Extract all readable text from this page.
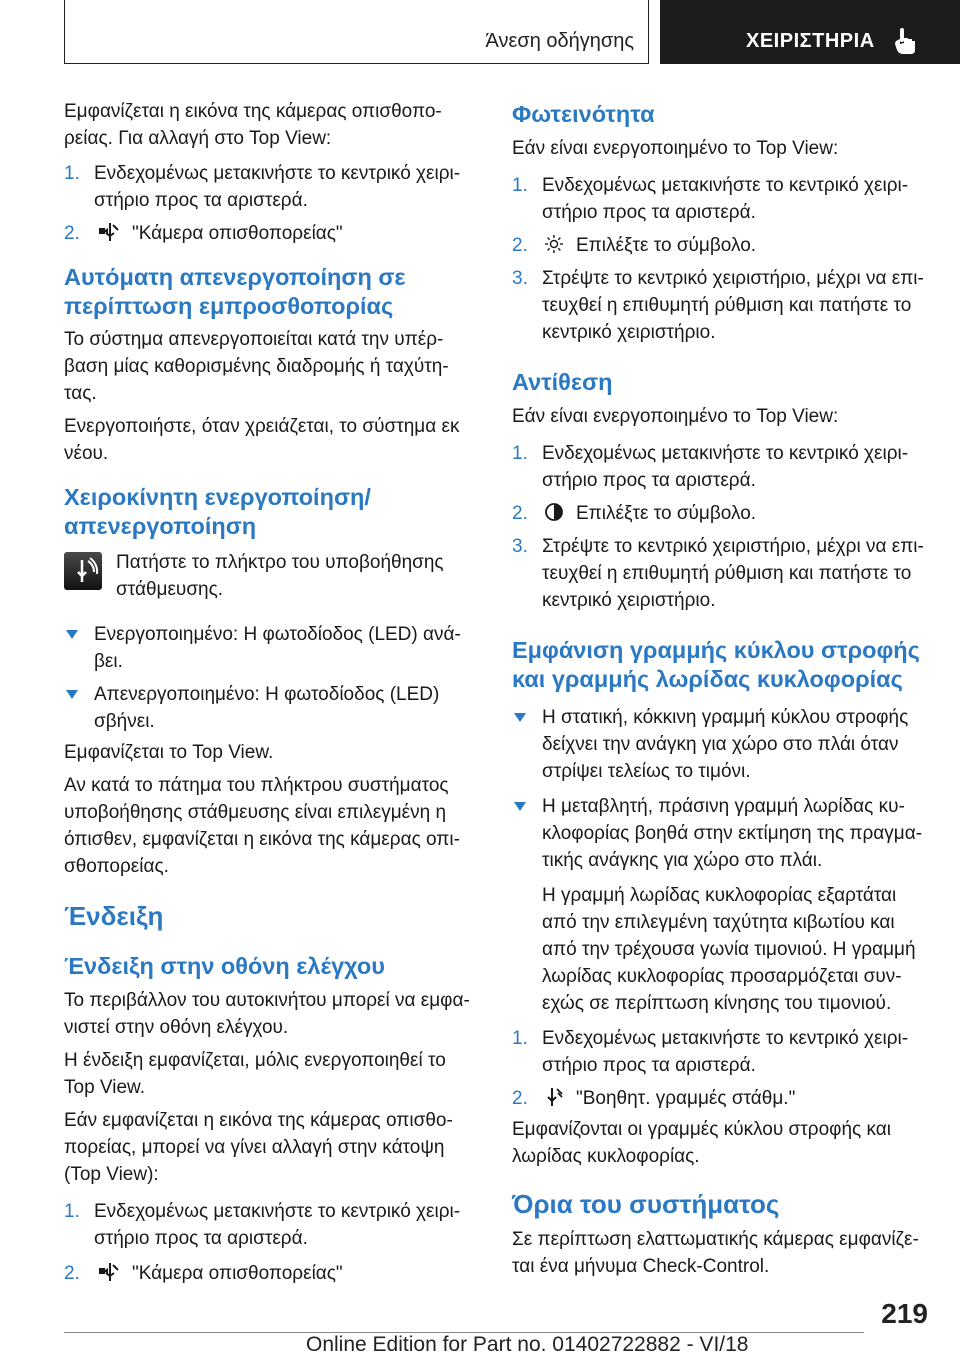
Άνεση οδήγησης	ΧΕΙΡΙΣΤΗΡΙΑ

Εμφανίζεται η εικόνα της κάμερας οπισθοπο‐ ρείας. Για αλλαγή στο Top View:

1. Ενδεχομένως μετακινήστε το κεντρικό χειρι‐ στήριο προς τα αριστερά.
2.	"Κάμερα οπισθοπορείας"
Αυτόματη απενεργοποίηση σε περίπτωση εμπροσθοπορίας

Το σύστημα απενεργοποιείται κατά την υπέρ‐ βαση μίας καθορισμένης διαδρομής ή ταχύτη‐ τας.

Ενεργοποιήστε, όταν χρειάζεται, το σύστημα εκ νέου.

Χειροκίνητη ενεργοποίηση/ απενεργοποίηση
Πατήστε το πλήκτρο του υποβοήθησης στάθμευσης.
Ενεργοποιημένο: Η φωτοδίοδος (LED) ανά‐ βει.
Απενεργοποιημένο: Η φωτοδίοδος (LED) σβήνει.

Εμφανίζεται το Top View.

Αν κατά το πάτημα του πλήκτρου συστήματος υποβοήθησης στάθμευσης είναι επιλεγμένη η όπισθεν, εμφανίζεται η εικόνα της κάμερας οπι‐ σθοπορείας.

Ένδειξη
Ένδειξη στην οθόνη ελέγχου

Το περιβάλλον του αυτοκινήτου μπορεί να εμφα‐ νιστεί στην οθόνη ελέγχου.

Η ένδειξη εμφανίζεται, μόλις ενεργοποιηθεί το Top View.

Εάν εμφανίζεται η εικόνα της κάμερας οπισθο‐ πορείας, μπορεί να γίνει αλλαγή στην κάτοψη (Top View):

1. Ενδεχομένως μετακινήστε το κεντρικό χειρι‐ στήριο προς τα αριστερά.
2.	"Κάμερα οπισθοπορείας"
Φωτεινότητα

Εάν είναι ενεργοποιημένο το Top View:

1. Ενδεχομένως μετακινήστε το κεντρικό χειρι‐ στήριο προς τα αριστερά.
2.	Επιλέξτε το σύμβολο.
3. Στρέψτε το κεντρικό χειριστήριο, μέχρι να επι‐ τευχθεί η επιθυμητή ρύθμιση και πατήστε το κεντρικό χειριστήριο.
Αντίθεση

Εάν είναι ενεργοποιημένο το Top View:

1. Ενδεχομένως μετακινήστε το κεντρικό χειρι‐ στήριο προς τα αριστερά.
2.	Επιλέξτε το σύμβολο.
3. Στρέψτε το κεντρικό χειριστήριο, μέχρι να επι‐ τευχθεί η επιθυμητή ρύθμιση και πατήστε το κεντρικό χειριστήριο.
Εμφάνιση γραμμής κύκλου στροφής και γραμμής λωρίδας κυκλοφορίας
Η στατική, κόκκινη γραμμή κύκλου στροφής δείχνει την ανάγκη για χώρο στο πλάι όταν στρίψει τελείως το τιμόνι.
Η μεταβλητή, πράσινη γραμμή λωρίδας κυ‐ κλοφορίας βοηθά στην εκτίμηση της πραγμα‐ τικής ανάγκης για χώρο στο πλάι.

Η γραμμή λωρίδας κυκλοφορίας εξαρτάται από την επιλεγμένη ταχύτητα κιβωτίου και από την τρέχουσα γωνία τιμονιού. Η γραμμή λωρίδας κυκλοφορίας προσαρμόζεται συν‐ εχώς σε περίπτωση κίνησης του τιμονιού.

1. Ενδεχομένως μετακινήστε το κεντρικό χειρι‐ στήριο προς τα αριστερά.
2.	"Βοηθητ. γραμμές στάθμ."

Εμφανίζονται οι γραμμές κύκλου στροφής και λωρίδας κυκλοφορίας.

Όρια του συστήματος

Σε περίπτωση ελαττωματικής κάμερας εμφανίζε‐ ται ένα μήνυμα Check-Control.

219
Online Edition for Part no. 01402722882 - VI/18
